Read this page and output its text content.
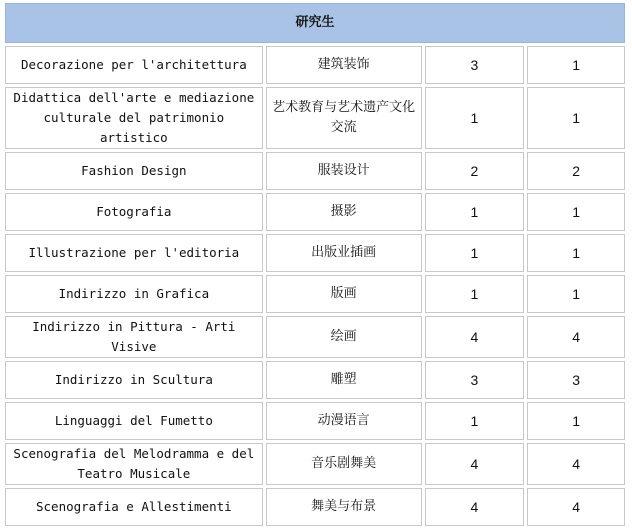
研究生			
Decorazione per l'architettura	建筑装饰	3	1
Didattica dell'arte e mediazione culturale del patrimonio artistico	艺术教育与艺术遗产文化交流	1	1
Fashion Design	服装设计	2	2
Fotografia	摄影	1	1
Illustrazione per l'editoria	出版业插画	1	1
Indirizzo in Grafica	版画	1	1
Indirizzo in Pittura - Arti Visive	绘画	4	4
Indirizzo in Scultura	雕塑	3	3
Linguaggi del Fumetto	动漫语言	1	1
Scenografia del Melodramma e del Teatro Musicale	音乐剧舞美	4	4
Scenografia e Allestimenti	舞美与布景	4	4
